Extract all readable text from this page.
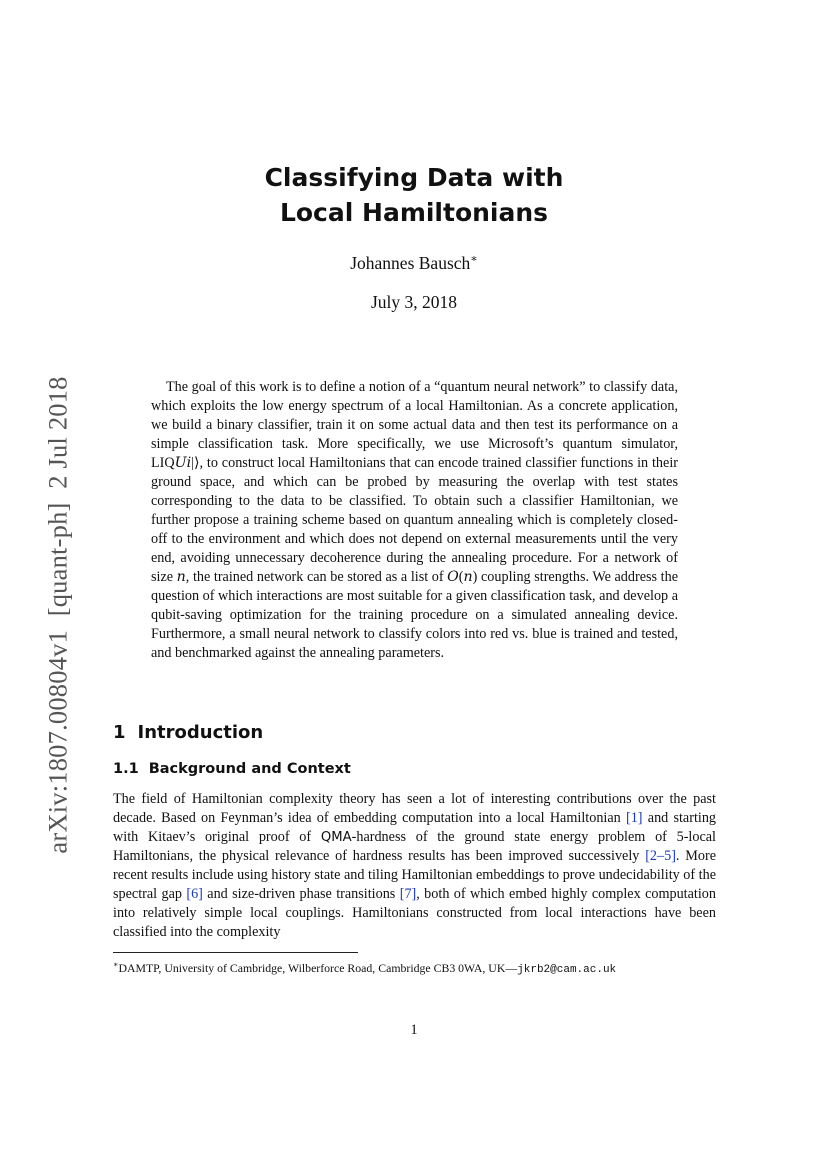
arXiv:1807.00804v1  [quant-ph]  2 Jul 2018
Classifying Data with
Local Hamiltonians
Johannes Bausch∗
July 3, 2018

The goal of this work is to define a notion of a “quantum neural network” to classify data, which exploits the low energy spectrum of a local Hamiltonian. As a concrete application, we build a binary classifier, train it on some actual data and then test its performance on a simple classification task. More specifically, we use Microsoft’s quantum simulator, LIQ𝑈𝑖|⟩, to construct local Hamiltonians that can encode trained classifier functions in their ground space, and which can be probed by measuring the overlap with test states corresponding to the data to be classified. To obtain such a classifier Hamiltonian, we further propose a training scheme based on quantum annealing which is completely closed-off to the environment and which does not depend on external measurements until the very end, avoiding unnecessary decoherence during the annealing procedure. For a network of size 𝑛, the trained network can be stored as a list of 𝑂(𝑛) coupling strengths. We address the question of which interactions are most suitable for a given classification task, and develop a qubit-saving optimization for the training procedure on a simulated annealing device. Furthermore, a small neural network to classify colors into red vs. blue is trained and tested, and benchmarked against the annealing parameters.

1 Introduction
1.1 Background and Context

The field of Hamiltonian complexity theory has seen a lot of interesting contributions over the past decade. Based on Feynman’s idea of embedding computation into a local Hamiltonian [1] and starting with Kitaev’s original proof of QMA-hardness of the ground state energy problem of 5-local Hamiltonians, the physical relevance of hardness results has been improved successively [2–5]. More recent results include using history state and tiling Hamiltonian embeddings to prove undecidability of the spectral gap [6] and size-driven phase transitions [7], both of which embed highly complex computation into relatively simple local couplings. Hamiltonians constructed from local interactions have been classified into the complexity

∗DAMTP, University of Cambridge, Wilberforce Road, Cambridge CB3 0WA, UK—jkrb2@cam.ac.uk

1
